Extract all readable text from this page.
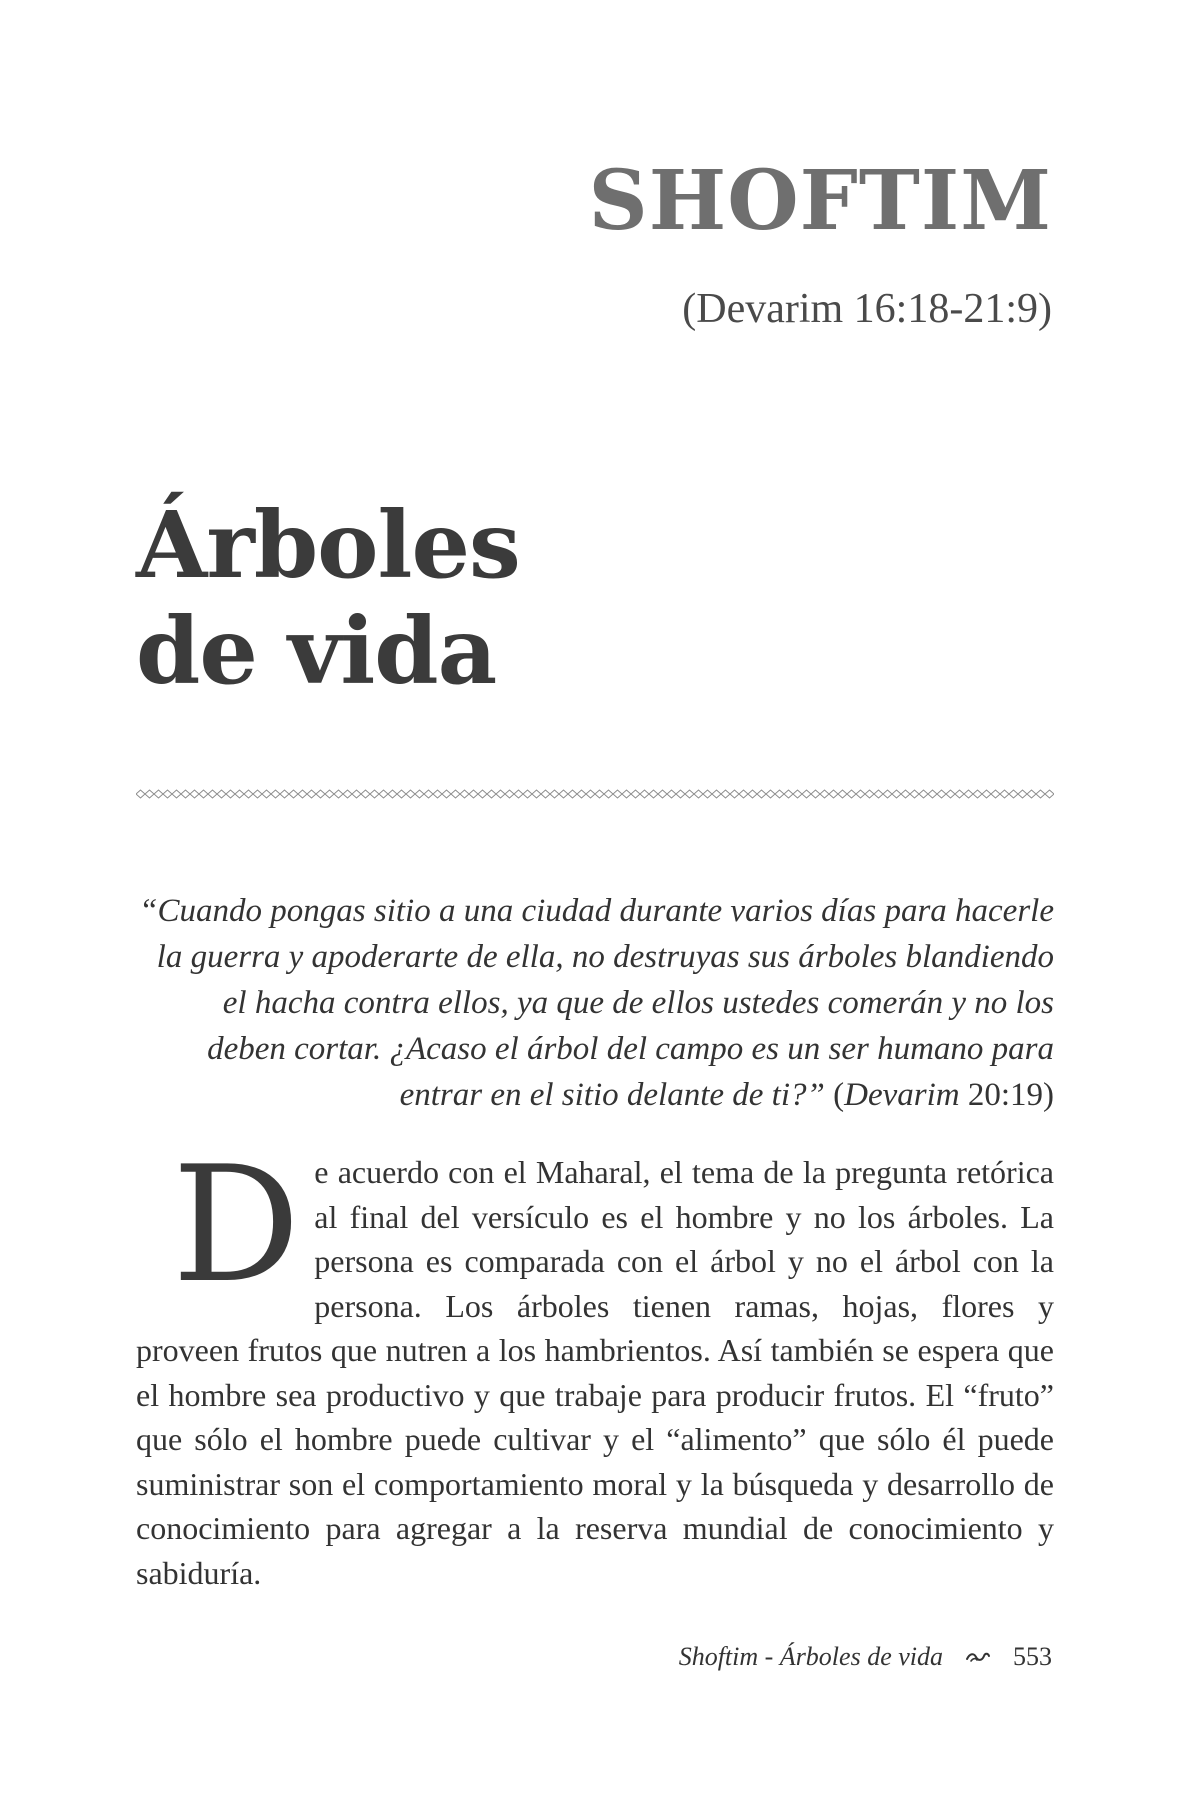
SHOFTIM
(Devarim 16:18-21:9)
Árboles
de vida

“Cuando pongas sitio a una ciudad durante varios días para hacerle la guerra y apoderarte de ella, no destruyas sus árboles blandiendo el hacha contra ellos, ya que de ellos ustedes comerán y no los deben cortar. ¿Acaso el árbol del campo es un ser humano para entrar en el sitio delante de ti?” (Devarim 20:19)

De acuerdo con el Maharal, el tema de la pregunta retórica al final del versículo es el hombre y no los árboles. La persona es comparada con el árbol y no el árbol con la persona. Los árboles tienen ramas, hojas, flores y proveen frutos que nutren a los hambrientos. Así también se espera que el hombre sea productivo y que trabaje para producir frutos. El “fruto” que sólo el hombre puede cultivar y el “alimento” que sólo él puede suministrar son el comportamiento moral y la búsqueda y desarrollo de conocimiento para agregar a la reserva mundial de conocimiento y sabiduría.

Shoftim - Árboles de vida	553
